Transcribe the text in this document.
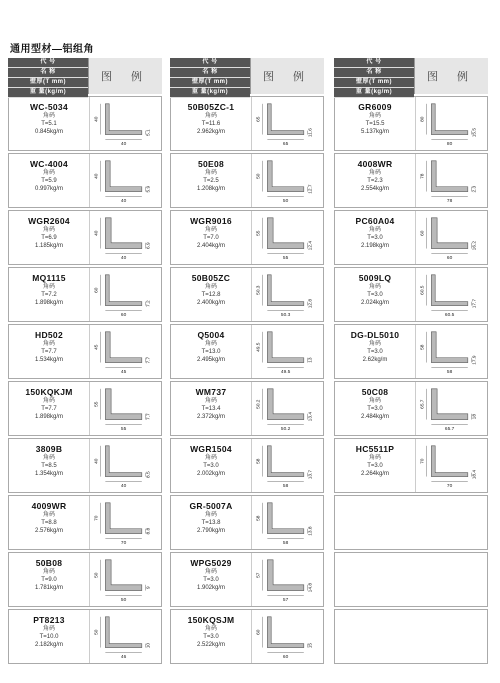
通用型材—铝组角
代 号
名 称
壁厚(T mm)
重 量(kg/m)
图 例
WC-5034
角码
T=5.1
0.845kg/m
40
40
5.1
WC-4004
角码
T=5.9
0.997kg/m
40
40
5.9
WGR2604
角码
T=6.9
1.185kg/m
40
40
6.9
MQ1115
角码
T=7.2
1.898kg/m
60
60
7.2
HD502
角码
T=7.7
1.534kg/m
45
45
7.7
150KQKJM
角码
T=7.7
1.898kg/m
55
55
7.7
3809B
角码
T=8.5
1.354kg/m
40
40
8.5
4009WR
角码
T=8.8
2.576kg/m
70
70
8.8
50B08
角码
T=9.0
1.781kg/m
50
50
9
PT8213
角码
T=10.0
2.182kg/m
50
46
10
代 号
名 称
壁厚(T mm)
重 量(kg/m)
图 例
50B05ZC-1
角码
T=11.6
2.962kg/m
65
65
11.6
50E08
角码
T=2.5
1.208kg/m
50
50
12.7
WGR9016
角码
T=7.0
2.404kg/m
55
55
12.4
50B05ZC
角码
T=12.8
2.400kg/m
50.3
50.3
12.8
Q5004
角码
T=13.0
2.495kg/m
49.5
49.5
13
WM737
角码
T=13.4
2.372kg/m
50.2
50.2
13.4
WGR1504
角码
T=3.0
2.002kg/m
58
58
13.7
GR-5007A
角码
T=13.8
2.790kg/m
58
58
13.8
WPG5029
角码
T=3.0
1.902kg/m
57
57
14.8
150KQSJM
角码
T=3.0
2.522kg/m
60
60
15
代 号
名 称
壁厚(T mm)
重 量(kg/m)
图 例
GR6009
角码
T=15.5
5.137kg/m
80
80
15.5
4008WR
角码
T=2.3
2.554kg/m
78
78
2.3
PC60A04
角码
T=3.0
2.198kg/m
60
60
16.2
5009LQ
角码
T=3.0
2.024kg/m
60.5
60.5
17.7
DG-DL5010
角码
T=3.0
2.62kg/m
58
58
17.9
50C08
角码
T=3.0
2.484kg/m
65.7
65.7
18
HC5511P
角码
T=3.0
2.264kg/m
70
70
18.4
